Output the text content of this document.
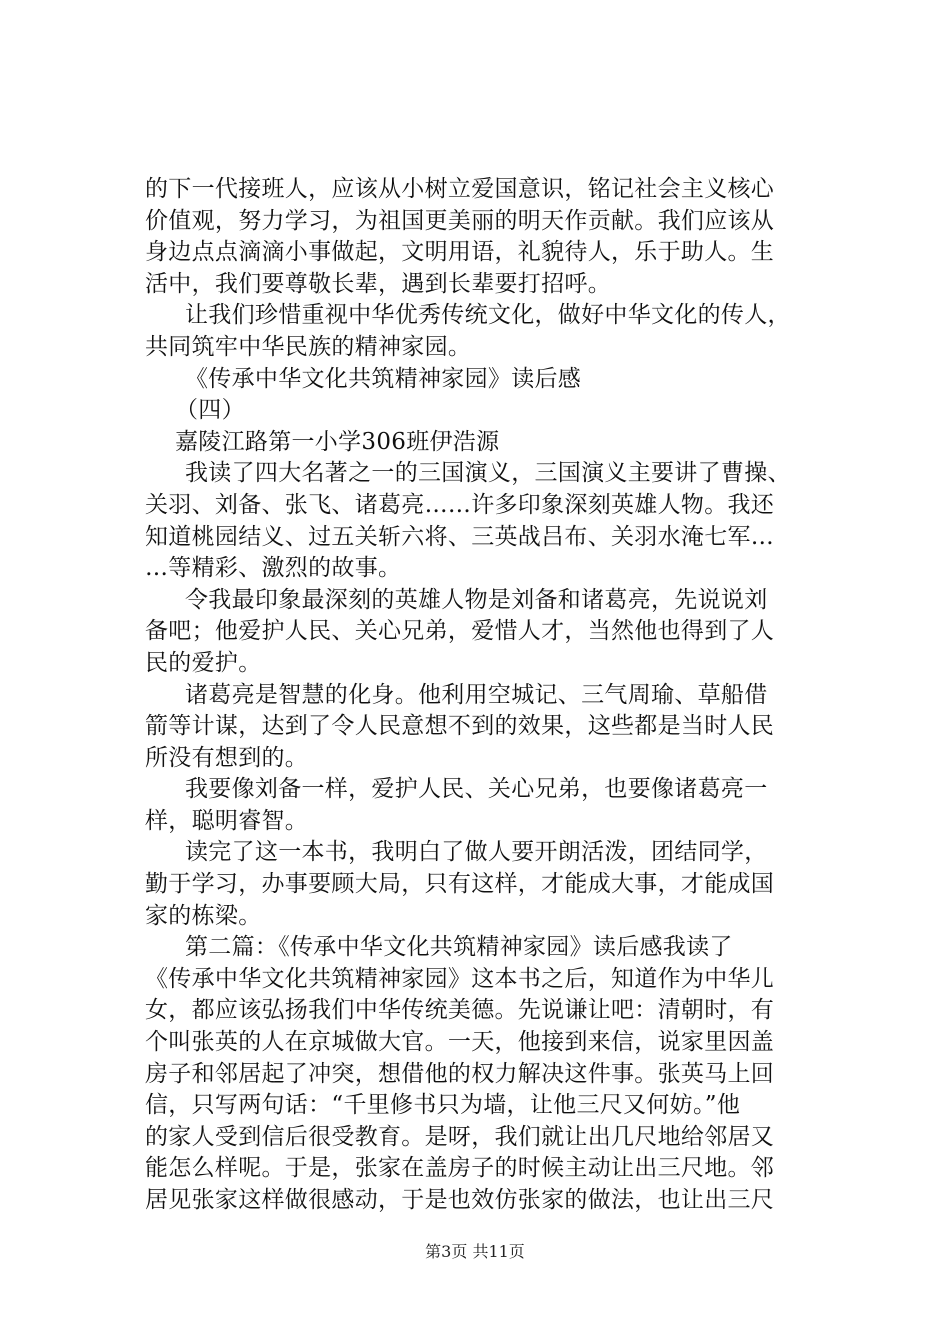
的下一代接班人，应该从小树立爱国意识，铭记社会主义核心
价值观，努力学习，为祖国更美丽的明天作贡献。我们应该从
身边点点滴滴小事做起，文明用语，礼貌待人，乐于助人。生
活中，我们要尊敬长辈，遇到长辈要打招呼。
让我们珍惜重视中华优秀传统文化，做好中华文化的传人，
共同筑牢中华民族的精神家园。
《传承中华文化共筑精神家园》读后感
（四）
嘉陵江路第一小学306班伊浩源
我读了四大名著之一的三国演义，三国演义主要讲了曹操、
关羽、刘备、张飞、诸葛亮……许多印象深刻英雄人物。我还
知道桃园结义、过五关斩六将、三英战吕布、关羽水淹七军…
…等精彩、激烈的故事。
令我最印象最深刻的英雄人物是刘备和诸葛亮，先说说刘
备吧；他爱护人民、关心兄弟，爱惜人才，当然他也得到了人
民的爱护。
诸葛亮是智慧的化身。他利用空城记、三气周瑜、草船借
箭等计谋，达到了令人民意想不到的效果，这些都是当时人民
所没有想到的。
我要像刘备一样，爱护人民、关心兄弟，也要像诸葛亮一
样，聪明睿智。
读完了这一本书，我明白了做人要开朗活泼，团结同学，
勤于学习，办事要顾大局，只有这样，才能成大事，才能成国
家的栋梁。
第二篇：《传承中华文化共筑精神家园》读后感我读了
《传承中华文化共筑精神家园》这本书之后，知道作为中华儿
女，都应该弘扬我们中华传统美德。先说谦让吧：清朝时，有
个叫张英的人在京城做大官。一天，他接到来信，说家里因盖
房子和邻居起了冲突，想借他的权力解决这件事。张英马上回
信，只写两句话：“千里修书只为墙，让他三尺又何妨。”他
的家人受到信后很受教育。是呀，我们就让出几尺地给邻居又
能怎么样呢。于是，张家在盖房子的时候主动让出三尺地。邻
居见张家这样做很感动，于是也效仿张家的做法，也让出三尺
第3页 共11页
